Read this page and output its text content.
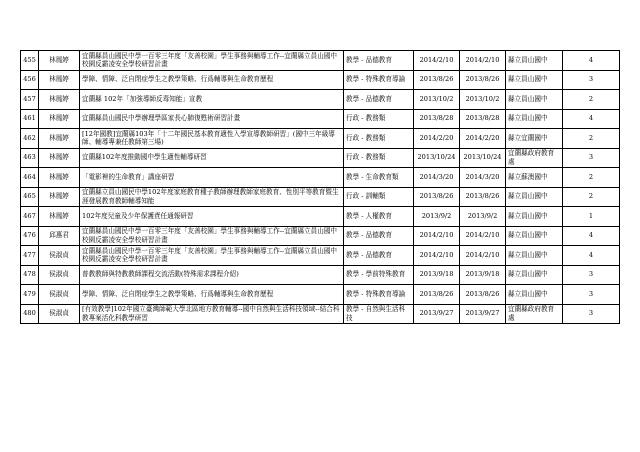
455	林鳳婷	宜蘭縣員山國民中學一百零三年度「友善校園」學生事務與輔導工作--宜蘭縣立員山國中校園反霸凌安全學校研習計畫	教學 - 品德教育	2014/2/10	2014/2/10	縣立員山國中	4
456	林鳳婷	學障、情障、泛自閉症學生之教學策略、行爲輔導與生命教育歷程	教學 - 特殊教育導論	2013/8/26	2013/8/26	縣立員山國中	3
457	林鳳婷	宜蘭縣 102年「加強導師反毒知能」宣教	教學 - 品德教育	2013/10/2	2013/10/2	縣立員山國中	2
461	林鳳婷	宜蘭縣員山國民中學辦理學區家長心肺復甦術研習計畫	行政 - 教務類	2013/8/28	2013/8/28	縣立員山國中	4
462	林鳳婷	[12年國教]宜蘭縣103年「十二年國民基本教育適性入學宣導教師研習」(國中三年級導師、輔導專兼任教師第三場)	行政 - 教務類	2014/2/20	2014/2/20	縣立宜蘭國中	2
463	林鳳婷	宜蘭縣102年度推動國中學生適性輔導研習	行政 - 教務類	2013/10/24	2013/10/24	宜蘭縣政府教育處	3
464	林鳳婷	「電影裡的生命教育」講座研習	教學 - 生命教育類	2014/3/20	2014/3/20	縣立蘇澳國中	2
465	林鳳婷	宜蘭縣立員山國民中學102年度家庭教育種子教師辦理教師家庭教育、性別平等教育暨生涯發展教育教師輔導知能	行政 - 訓輔類	2013/8/26	2013/8/26	縣立員山國中	2
467	林鳳婷	102年度兒童及少年保護責任通報研習	教學 - 人權教育	2013/9/2	2013/9/2	縣立員山國中	1
476	邱惠君	宜蘭縣員山國民中學一百零三年度「友善校園」學生事務與輔導工作--宜蘭縣立員山國中校園反霸凌安全學校研習計畫	教學 - 品德教育	2014/2/10	2014/2/10	縣立員山國中	4
477	侯淑貞	宜蘭縣員山國民中學一百零三年度「友善校園」學生事務與輔導工作--宜蘭縣立員山國中校園反霸凌安全學校研習計畫	教學 - 品德教育	2014/2/10	2014/2/10	縣立員山國中	4
478	侯淑貞	普教教師與特教教師課程交流活動(特殊需求課程介紹)	教學 - 學前特殊教育	2013/9/18	2013/9/18	縣立員山國中	3
479	侯淑貞	學障、情障、泛自閉症學生之教學策略、行爲輔導與生命教育歷程	教學 - 特殊教育導論	2013/8/26	2013/8/26	縣立員山國中	3
480	侯淑貞	[有效教學]102年國立臺灣師範大學北區地方教育輔導--國中自然與生活科技領域--結合科教專案活化科教學研習	教學 - 自然與生活科技	2013/9/27	2013/9/27	宜蘭縣政府教育處	3
